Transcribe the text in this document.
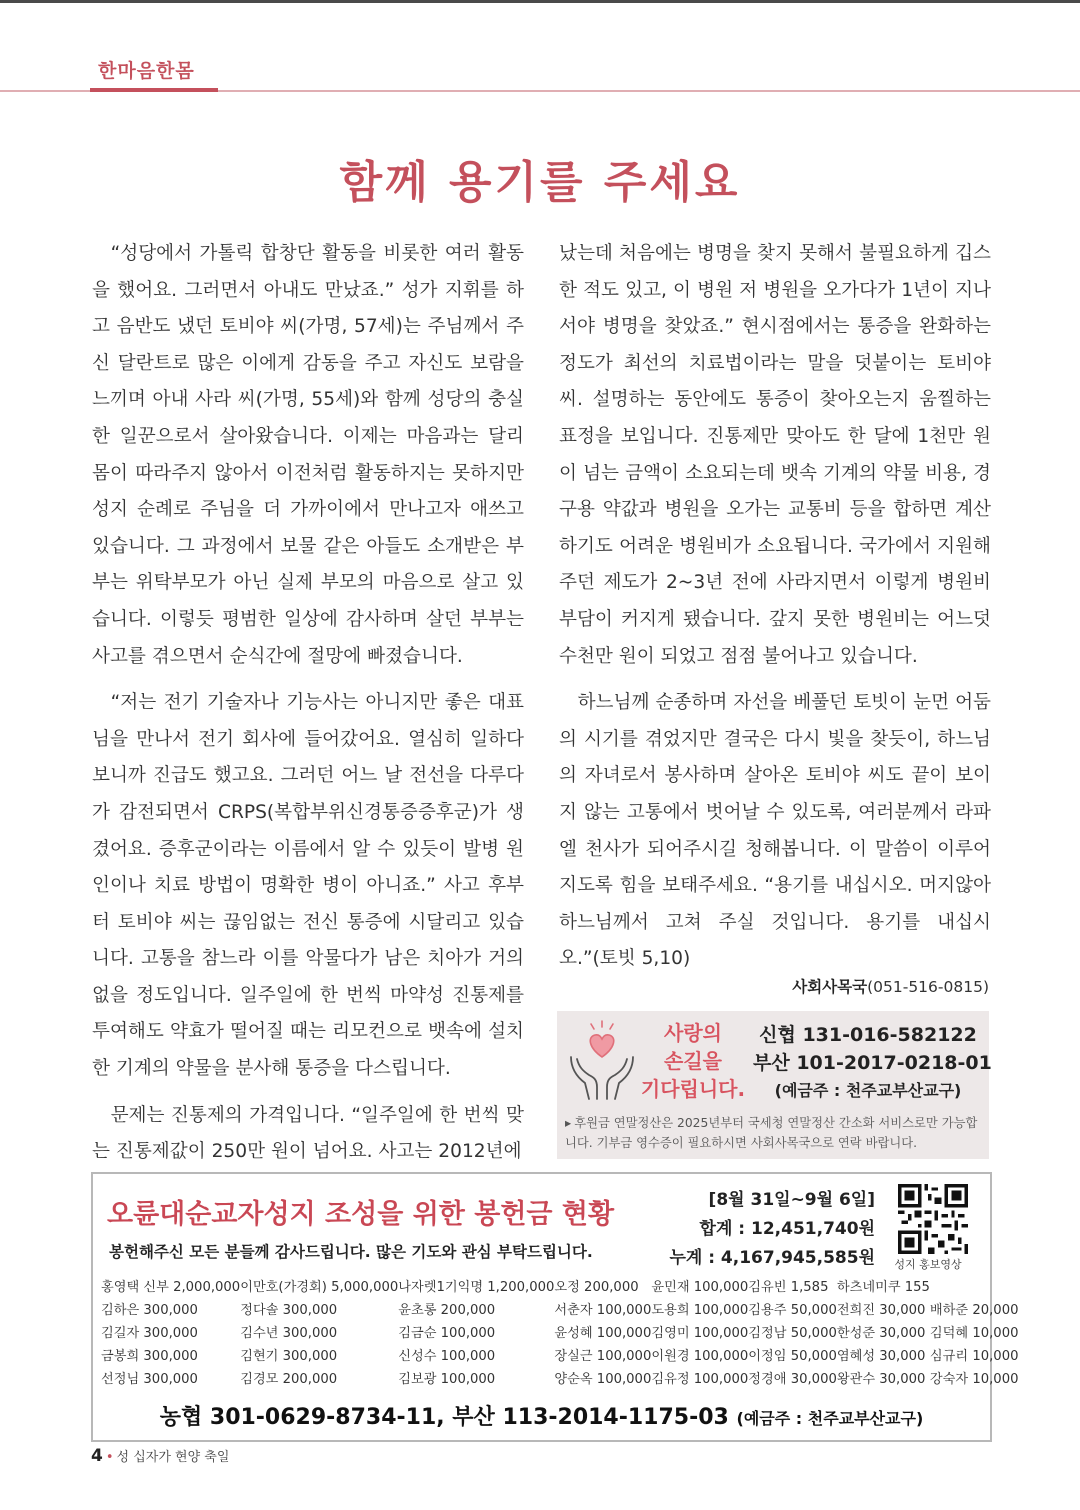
한마음한몸
함께 용기를 주세요

“성당에서 가톨릭 합창단 활동을 비롯한 여러 활동을 했어요. 그러면서 아내도 만났죠.” 성가 지휘를 하고 음반도 냈던 토비야 씨(가명, 57세)는 주님께서 주신 달란트로 많은 이에게 감동을 주고 자신도 보람을 느끼며 아내 사라 씨(가명, 55세)와 함께 성당의 충실한 일꾼으로서 살아왔습니다. 이제는 마음과는 달리 몸이 따라주지 않아서 이전처럼 활동하지는 못하지만 성지 순례로 주님을 더 가까이에서 만나고자 애쓰고 있습니다. 그 과정에서 보물 같은 아들도 소개받은 부부는 위탁부모가 아닌 실제 부모의 마음으로 살고 있습니다. 이렇듯 평범한 일상에 감사하며 살던 부부는 사고를 겪으면서 순식간에 절망에 빠졌습니다.

“저는 전기 기술자나 기능사는 아니지만 좋은 대표님을 만나서 전기 회사에 들어갔어요. 열심히 일하다 보니까 진급도 했고요. 그러던 어느 날 전선을 다루다가 감전되면서 CRPS(복합부위신경통증증후군)가 생겼어요. 증후군이라는 이름에서 알 수 있듯이 발병 원인이나 치료 방법이 명확한 병이 아니죠.” 사고 후부터 토비야 씨는 끊임없는 전신 통증에 시달리고 있습니다. 고통을 참느라 이를 악물다가 남은 치아가 거의 없을 정도입니다. 일주일에 한 번씩 마약성 진통제를 투여해도 약효가 떨어질 때는 리모컨으로 뱃속에 설치한 기계의 약물을 분사해 통증을 다스립니다.

문제는 진통제의 가격입니다. “일주일에 한 번씩 맞는 진통제값이 250만 원이 넘어요. 사고는 2012년에

났는데 처음에는 병명을 찾지 못해서 불필요하게 깁스한 적도 있고, 이 병원 저 병원을 오가다가 1년이 지나서야 병명을 찾았죠.” 현시점에서는 통증을 완화하는 정도가 최선의 치료법이라는 말을 덧붙이는 토비야 씨. 설명하는 동안에도 통증이 찾아오는지 움찔하는 표정을 보입니다. 진통제만 맞아도 한 달에 1천만 원이 넘는 금액이 소요되는데 뱃속 기계의 약물 비용, 경구용 약값과 병원을 오가는 교통비 등을 합하면 계산하기도 어려운 병원비가 소요됩니다. 국가에서 지원해 주던 제도가 2~3년 전에 사라지면서 이렇게 병원비 부담이 커지게 됐습니다. 갚지 못한 병원비는 어느덧 수천만 원이 되었고 점점 불어나고 있습니다.

하느님께 순종하며 자선을 베풀던 토빗이 눈먼 어둠의 시기를 겪었지만 결국은 다시 빛을 찾듯이, 하느님의 자녀로서 봉사하며 살아온 토비야 씨도 끝이 보이지 않는 고통에서 벗어날 수 있도록, 여러분께서 라파엘 천사가 되어주시길 청해봅니다. 이 말씀이 이루어지도록 힘을 보태주세요. “용기를 내십시오. 머지않아 하느님께서 고쳐 주실 것입니다. 용기를 내십시오.”(토빗 5,10)

사회사목국(051-516-0815)
사랑의
손길을
기다립니다.
신협 131-016-582122
부산 101-2017-0218-01
(예금주 : 천주교부산교구)
▸ 후원금 연말정산은 2025년부터 국세청 연말정산 간소화 서비스로만 가능합니다. 기부금 영수증이 필요하시면 사회사목국으로 연락 바랍니다.
오륜대순교자성지 조성을 위한 봉헌금 현황
봉헌해주신 모든 분들께 감사드립니다. 많은 기도와 관심 부탁드립니다.
[8월 31일~9월 6일]
합계 : 12,451,740원
누계 : 4,167,945,585원	성지 홍보영상
홍영택 신부 2,000,000 이만호(가경회) 5,000,000 나자렛1기익명 1,200,000 오정 200,000 윤민재 100,000 김유빈 1,585 하츠네미쿠 155
김하은 300,000	정다솔 300,000	윤초롱 200,000	서춘자 100,000 도용희 100,000 김용주 50,000 전희진 30,000 배하준 20,000
김길자 300,000	김수년 300,000	김금순 100,000	윤성혜 100,000 김영미 100,000 김정남 50,000 한성준 30,000 김덕혜 10,000
금봉희 300,000	김현기 300,000	신성수 100,000	장실근 100,000 이원경 100,000 이정임 50,000 염혜성 30,000 심규리 10,000
선정님 300,000	김경모 200,000	김보광 100,000	양순옥 100,000 김유정 100,000 정경애 30,000 왕관수 30,000 강숙자 10,000
농협 301-0629-8734-11, 부산 113-2014-1175-03 (예금주 : 천주교부산교구)
4 • 성 십자가 현양 축일
